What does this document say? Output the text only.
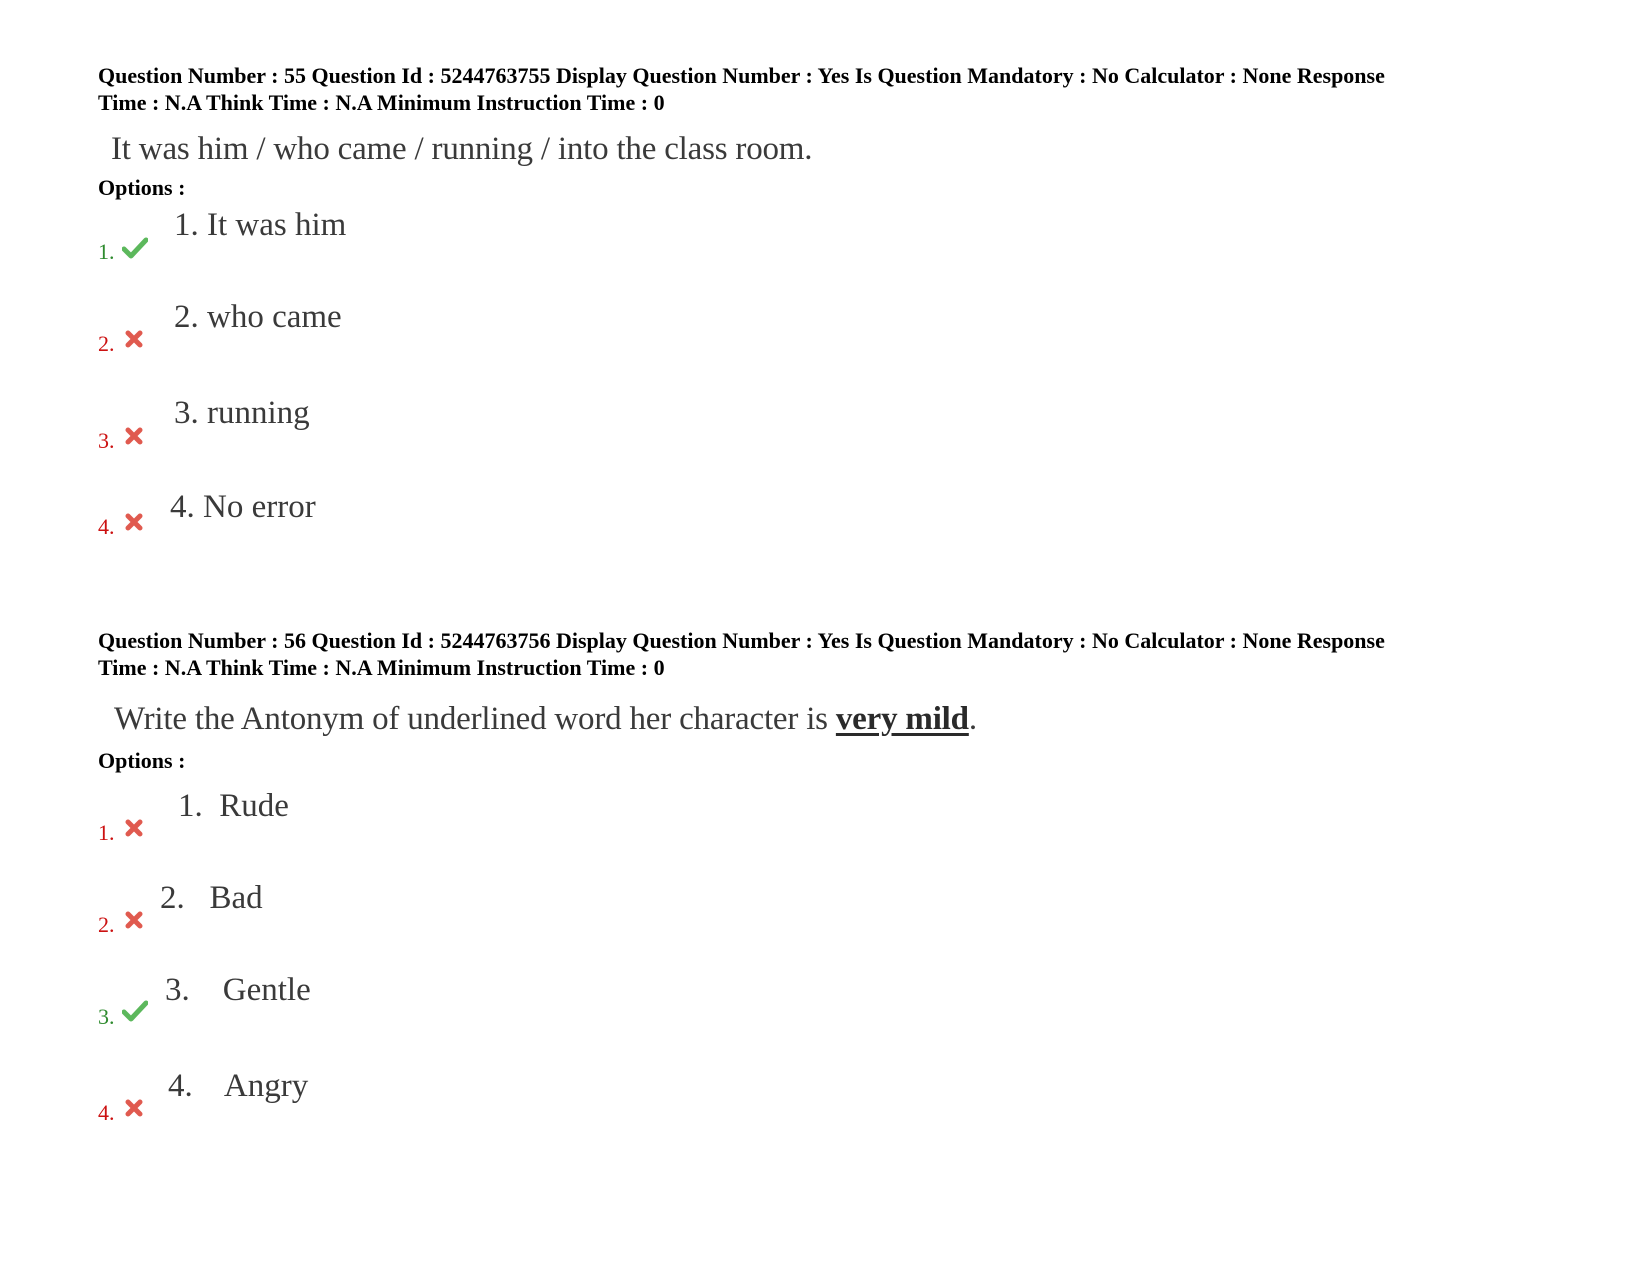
Question Number : 55 Question Id : 5244763755 Display Question Number : Yes Is Question Mandatory : No Calculator : None Response

Time : N.A Think Time : N.A Minimum Instruction Time : 0

It was him / who came / running / into the class room.
Options :
1.
1. It was him
2.
2. who came
3.
3. running
4.
4. No error

Question Number : 56 Question Id : 5244763756 Display Question Number : Yes Is Question Mandatory : No Calculator : None Response

Time : N.A Think Time : N.A Minimum Instruction Time : 0

Write the Antonym of underlined word her character is very mild.
Options :
1.
1.  Rude
2.
2.   Bad
3.
3.    Gentle
4.
4.    Angry
